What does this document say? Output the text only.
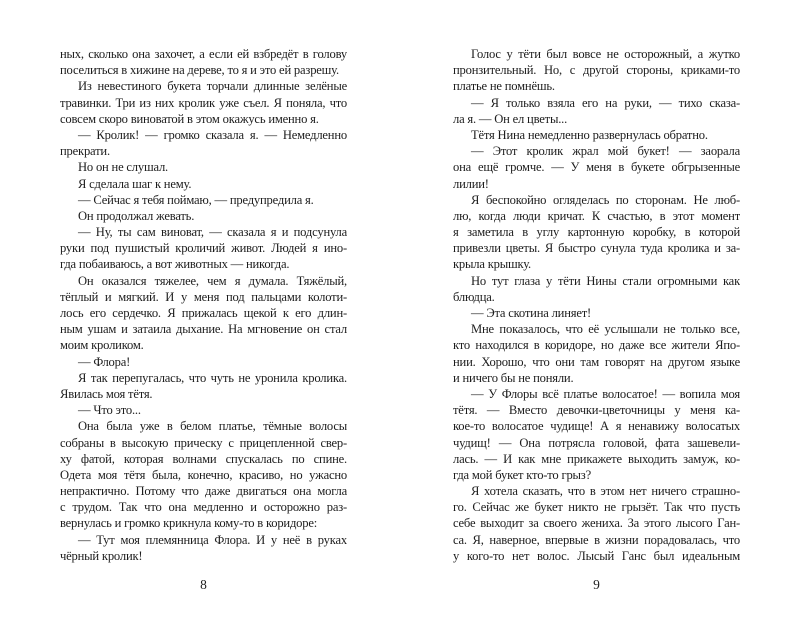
ных, сколько она захочет, а если ей взбредёт в голову
поселиться в хижине на дереве, то я и это ей разрешу.
Из невестиного букета торчали длинные зелёные
травинки. Три из них кролик уже съел. Я поняла, что
совсем скоро виноватой в этом окажусь именно я.
— Кролик! — громко сказала я. — Немедленно
прекрати.
Но он не слушал.
Я сделала шаг к нему.
— Сейчас я тебя поймаю, — предупредила я.
Он продолжал жевать.
— Ну, ты сам виноват, — сказала я и подсунула
руки под пушистый кроличий живот. Людей я ино-
гда побаиваюсь, а вот животных — никогда.
Он оказался тяжелее, чем я думала. Тяжёлый,
тёплый и мягкий. И у меня под пальцами колоти-
лось его сердечко. Я прижалась щекой к его длин-
ным ушам и затаила дыхание. На мгновение он стал
моим кроликом.
— Флора!
Я так перепугалась, что чуть не уронила кролика.
Явилась моя тётя.
— Что это...
Она была уже в белом платье, тёмные волосы
собраны в высокую прическу с прицепленной свер-
ху фатой, которая волнами спускалась по спине.
Одета моя тётя была, конечно, красиво, но ужасно
непрактично. Потому что даже двигаться она могла
с трудом. Так что она медленно и осторожно раз-
вернулась и громко крикнула кому-то в коридоре:
— Тут моя племянница Флора. И у неё в руках
чёрный кролик!
8
Голос у тёти был вовсе не осторожный, а жутко
пронзительный. Но, с другой стороны, криками-то
платье не помнёшь.
— Я только взяла его на руки, — тихо сказа-
ла я. — Он ел цветы...
Тётя Нина немедленно развернулась обратно.
— Этот кролик жрал мой букет! — заорала
она ещё громче. — У меня в букете обгрызенные
лилии!
Я беспокойно огляделась по сторонам. Не люб-
лю, когда люди кричат. К счастью, в этот момент
я заметила в углу картонную коробку, в которой
привезли цветы. Я быстро сунула туда кролика и за-
крыла крышку.
Но тут глаза у тёти Нины стали огромными как
блюдца.
— Эта скотина линяет!
Мне показалось, что её услышали не только все,
кто находился в коридоре, но даже все жители Япо-
нии. Хорошо, что они там говорят на другом языке
и ничего бы не поняли.
— У Флоры всё платье волосатое! — вопила моя
тётя. — Вместо девочки-цветочницы у меня ка-
кое-то волосатое чудище! А я ненавижу волосатых
чудищ! — Она потрясла головой, фата зашевели-
лась. — И как мне прикажете выходить замуж, ко-
гда мой букет кто-то грыз?
Я хотела сказать, что в этом нет ничего страшно-
го. Сейчас же букет никто не грызёт. Так что пусть
себе выходит за своего жениха. За этого лысого Ган-
са. Я, наверное, впервые в жизни порадовалась, что
у кого-то нет волос. Лысый Ганс был идеальным
9
